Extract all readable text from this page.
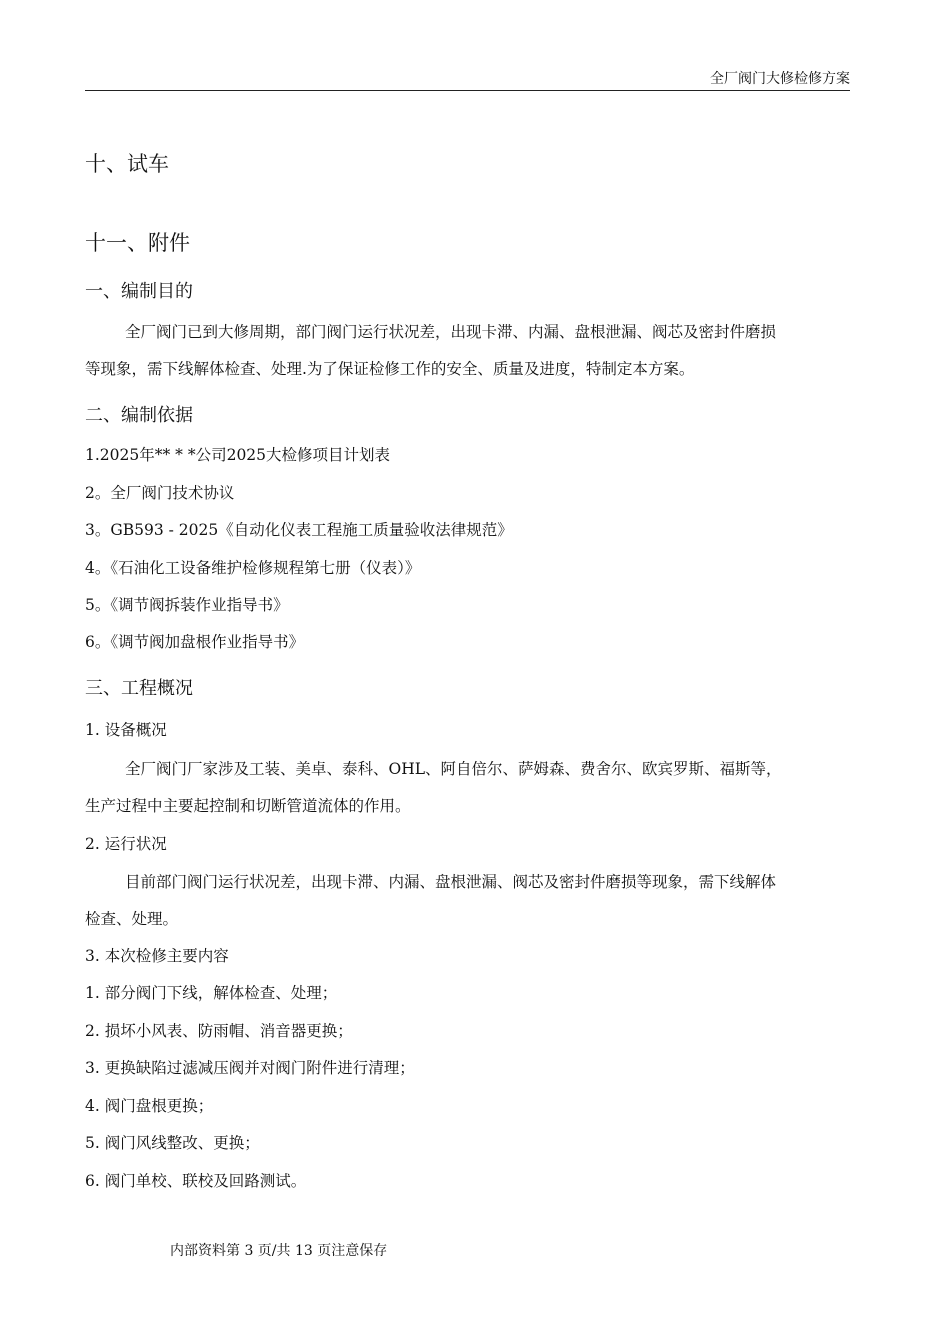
全厂阀门大修检修方案
十、试车
十一、附件
一、编制目的

全厂阀门已到大修周期，部门阀门运行状况差，出现卡滞、内漏、盘根泄漏、阀芯及密封件磨损

等现象，需下线解体检查、处理.为了保证检修工作的安全、质量及进度，特制定本方案。

二、编制依据
1.2025年** * *公司2025大检修项目计划表
2。全厂阀门技术协议
3。GB593 - 2025《自动化仪表工程施工质量验收法律规范》
4。《石油化工设备维护检修规程第七册（仪表）》
5。《调节阀拆装作业指导书》
6。《调节阀加盘根作业指导书》
三、工程概况
1. 设备概况

全厂阀门厂家涉及工装、美卓、泰科、OHL、阿自倍尔、萨姆森、费舍尔、欧宾罗斯、福斯等，

生产过程中主要起控制和切断管道流体的作用。

2. 运行状况

目前部门阀门运行状况差，出现卡滞、内漏、盘根泄漏、阀芯及密封件磨损等现象，需下线解体

检查、处理。

3. 本次检修主要内容
1. 部分阀门下线，解体检查、处理；
2. 损坏小风表、防雨帽、消音器更换；
3. 更换缺陷过滤减压阀并对阀门附件进行清理；
4. 阀门盘根更换；
5. 阀门风线整改、更换；
6. 阀门单校、联校及回路测试。
内部资料第 3 页/共 13 页注意保存
